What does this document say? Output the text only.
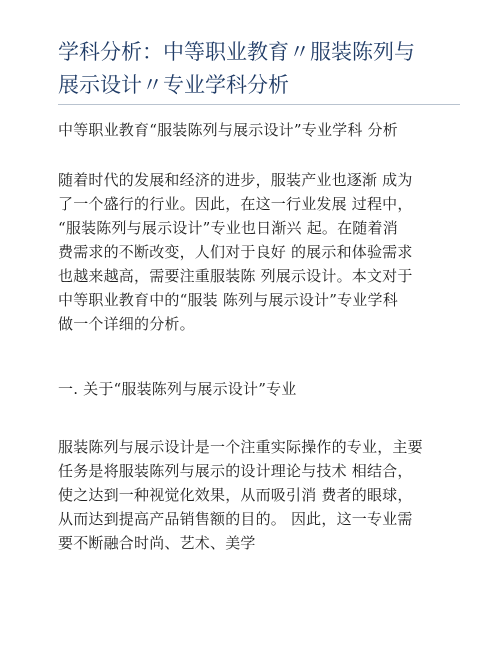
学科分析：中等职业教育〃服装陈列与
展示设计〃专业学科分析

中等职业教育“服装陈列与展示设计”专业学科 分析

随着时代的发展和经济的进步，服装产业也逐渐 成为
了一个盛行的行业。因此，在这一行业发展 过程中，
“服装陈列与展示设计”专业也日渐兴 起。在随着消
费需求的不断改变，人们对于良好 的展示和体验需求
也越来越高，需要注重服装陈 列展示设计。本文对于
中等职业教育中的“服装 陈列与展示设计”专业学科
做一个详细的分析。

一. 关于“服装陈列与展示设计”专业

服装陈列与展示设计是一个注重实际操作的专业，主要
任务是将服装陈列与展示的设计理论与技术 相结合，
使之达到一种视觉化效果，从而吸引消 费者的眼球，
从而达到提高产品销售额的目的。 因此，这一专业需
要不断融合时尚、艺术、美学
